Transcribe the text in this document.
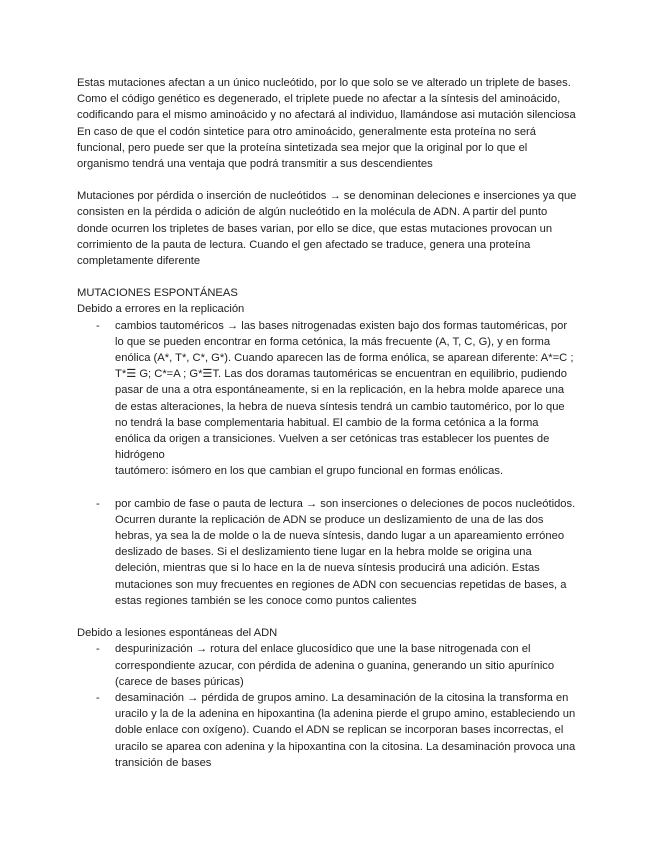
Estas mutaciones afectan a un único nucleótido, por lo que solo se ve alterado un triplete de bases. Como el código genético es degenerado, el triplete puede no afectar a la síntesis del aminoácido, codificando para el mismo aminoácido y no afectará al individuo, llamándose asi mutación silenciosa

En caso de que el codón sintetice para otro aminoácido, generalmente esta proteína no será funcional, pero puede ser que la proteína sintetizada sea mejor que la original por lo que el organismo tendrá una ventaja que podrá transmitir a sus descendientes

Mutaciones por pérdida o inserción de nucleótidos → se denominan deleciones e inserciones ya que consisten en la pérdida o adición de algún nucleótido en la molécula de ADN. A partir del punto donde ocurren los tripletes de bases varian, por ello se dice, que estas mutaciones provocan un corrimiento de la pauta de lectura. Cuando el gen afectado se traduce, genera una proteína completamente diferente

MUTACIONES ESPONTÁNEAS

Debido a errores en la replicación

- cambios tautoméricos → las bases nitrogenadas existen bajo dos formas tautoméricas, por lo que se pueden encontrar en forma cetónica, la más frecuente (A, T, C, G), y en forma enólica (A*, T*, C*, G*). Cuando aparecen las de forma enólica, se aparean diferente: A*=C ; T*☰ G; C*=A ; G*☰T. Las dos doramas tautoméricas se encuentran en equilibrio, pudiendo pasar de una a otra espontáneamente, si en la replicación, en la hebra molde aparece una de estas alteraciones, la hebra de nueva síntesis tendrá un cambio tautomérico, por lo que no tendrá la base complementaria habitual. El cambio de la forma cetónica a la forma enólica da origen a transiciones. Vuelven a ser cetónicas tras establecer los puentes de hidrógeno
tautómero: isómero en los que cambian el grupo funcional en formas enólicas.
- por cambio de fase o pauta de lectura → son inserciones o deleciones de pocos nucleótidos. Ocurren durante la replicación de ADN se produce un deslizamiento de una de las dos hebras, ya sea la de molde o la de nueva síntesis, dando lugar a un apareamiento erróneo deslizado de bases. Si el deslizamiento tiene lugar en la hebra molde se origina una deleción, mientras que si lo hace en la de nueva síntesis producirá una adición. Estas mutaciones son muy frecuentes en regiones de ADN con secuencias repetidas de bases, a estas regiones también se les conoce como puntos calientes

Debido a lesiones espontáneas del ADN

- despurinización → rotura del enlace glucosídico que une la base nitrogenada con el correspondiente azucar, con pérdida de adenina o guanina, generando un sitio apurínico (carece de bases púricas)
- desaminación → pérdida de grupos amino. La desaminación de la citosina la transforma en uracilo y la de la adenina en hipoxantina (la adenina pierde el grupo amino, estableciendo un doble enlace con oxígeno). Cuando el ADN se replican se incorporan bases incorrectas, el uracilo se aparea con adenina y la hipoxantina con la citosina. La desaminación provoca una transición de bases
